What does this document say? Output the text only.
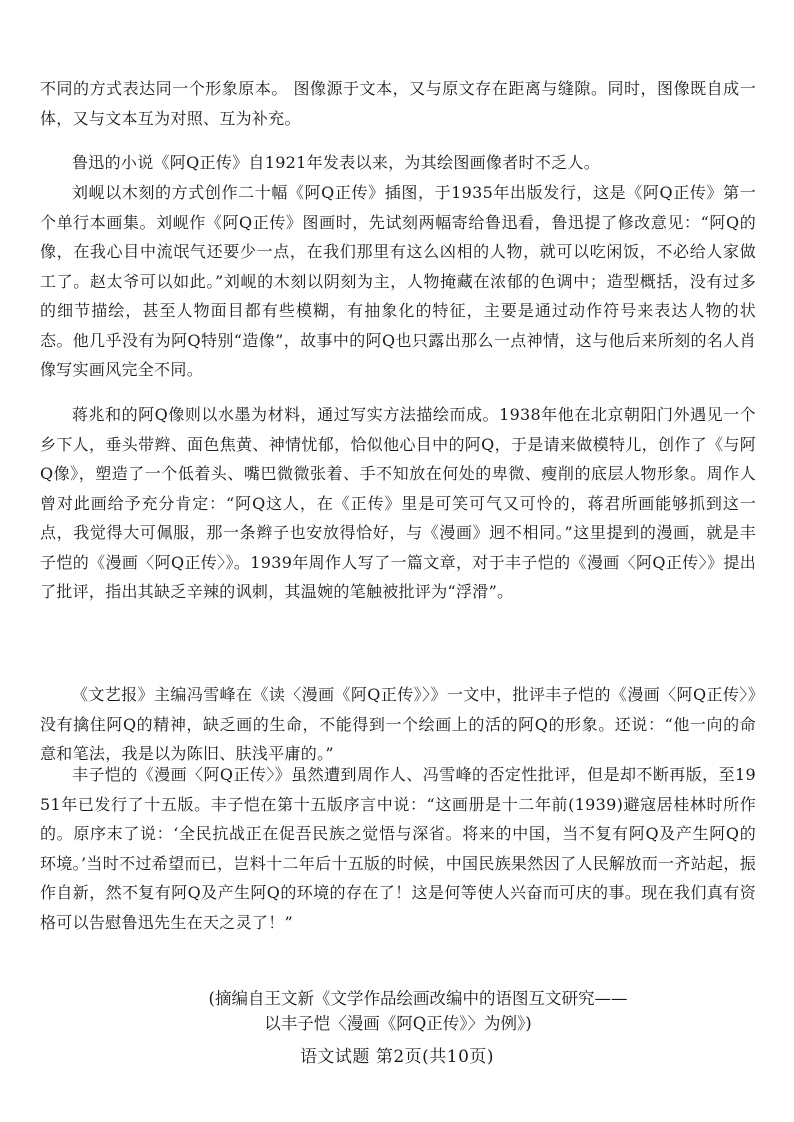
不同的方式表达同一个形象原本。 图像源于文本，又与原文存在距离与缝隙。同时，图像既自成一体，又与文本互为对照、互为补充。

鲁迅的小说《阿Q正传》自1921年发表以来，为其绘图画像者时不乏人。

刘岘以木刻的方式创作二十幅《阿Q正传》插图，于1935年出版发行，这是《阿Q正传》第一个单行本画集。刘岘作《阿Q正传》图画时，先试刻两幅寄给鲁迅看，鲁迅提了修改意见：“阿Q的像，在我心目中流氓气还要少一点，在我们那里有这么凶相的人物，就可以吃闲饭，不必给人家做工了。赵太爷可以如此。”刘岘的木刻以阴刻为主，人物掩藏在浓郁的色调中；造型概括，没有过多的细节描绘，甚至人物面目都有些模糊，有抽象化的特征，主要是通过动作符号来表达人物的状态。他几乎没有为阿Q特别“造像”，故事中的阿Q也只露出那么一点神情，这与他后来所刻的名人肖像写实画风完全不同。

蒋兆和的阿Q像则以水墨为材料，通过写实方法描绘而成。1938年他在北京朝阳门外遇见一个乡下人，垂头带辫、面色焦黄、神情忧郁，恰似他心目中的阿Q，于是请来做模特儿，创作了《与阿Q像》，塑造了一个低着头、嘴巴微微张着、手不知放在何处的卑微、瘦削的底层人物形象。周作人曾对此画给予充分肯定：“阿Q这人，在《正传》里是可笑可气又可怜的，蒋君所画能够抓到这一点，我觉得大可佩服，那一条辫子也安放得恰好，与《漫画》迥不相同。”这里提到的漫画，就是丰子恺的《漫画〈阿Q正传〉》。1939年周作人写了一篇文章，对于丰子恺的《漫画〈阿Q正传〉》提出了批评，指出其缺乏辛辣的讽刺，其温婉的笔触被批评为“浮滑”。

《文艺报》主编冯雪峰在《读〈漫画《阿Q正传》〉》一文中，批评丰子恺的《漫画〈阿Q正传〉》没有擒住阿Q的精神，缺乏画的生命，不能得到一个绘画上的活的阿Q的形象。还说：“他一向的命意和笔法，我是以为陈旧、肤浅平庸的。”

丰子恺的《漫画〈阿Q正传〉》虽然遭到周作人、冯雪峰的否定性批评，但是却不断再版，至1951年已发行了十五版。丰子恺在第十五版序言中说：“这画册是十二年前(1939)避寇居桂林时所作的。原序末了说：‘全民抗战正在促吾民族之觉悟与深省。将来的中国，当不复有阿Q及产生阿Q的环境。’当时不过希望而已，岂料十二年后十五版的时候，中国民族果然因了人民解放而一齐站起，振作自新，然不复有阿Q及产生阿Q的环境的存在了！这是何等使人兴奋而可庆的事。现在我们真有资格可以告慰鲁迅先生在天之灵了！”

(摘编自王文新《文学作品绘画改编中的语图互文研究——
以丰子恺〈漫画《阿Q正传》〉为例》)

语文试题 第2页(共10页)
